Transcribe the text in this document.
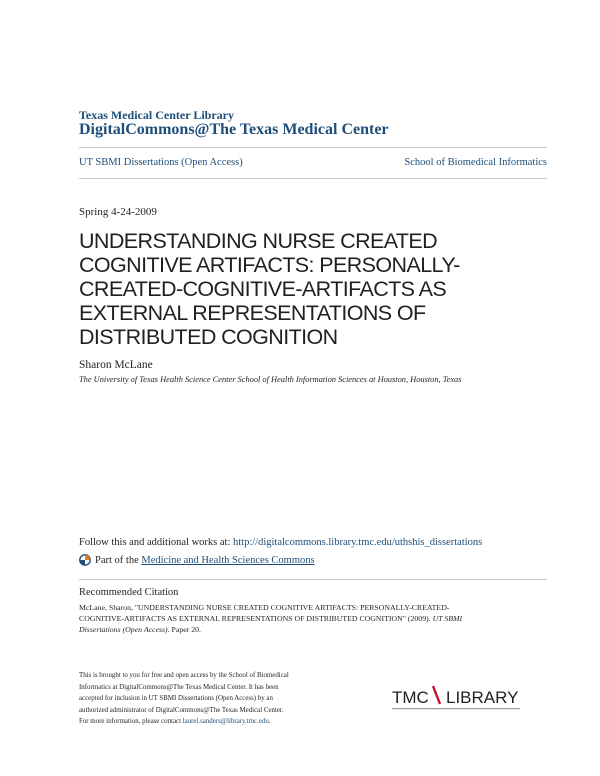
Texas Medical Center Library
DigitalCommons@The Texas Medical Center
UT SBMI Dissertations (Open Access)	School of Biomedical Informatics
Spring 4-24-2009
UNDERSTANDING NURSE CREATED
COGNITIVE ARTIFACTS: PERSONALLY-
CREATED-COGNITIVE-ARTIFACTS AS
EXTERNAL REPRESENTATIONS OF
DISTRIBUTED COGNITION
Sharon McLane
The University of Texas Health Science Center School of Health Information Sciences at Houston, Houston, Texas
Follow this and additional works at: http://digitalcommons.library.tmc.edu/uthshis_dissertations
Part of the Medicine and Health Sciences Commons
Recommended Citation
McLane, Sharon, "UNDERSTANDING NURSE CREATED COGNITIVE ARTIFACTS: PERSONALLY-CREATED-
COGNITIVE-ARTIFACTS AS EXTERNAL REPRESENTATIONS OF DISTRIBUTED COGNITION" (2009). UT SBMI
Dissertations (Open Access). Paper 20.
This is brought to you for free and open access by the School of Biomedical
Informatics at DigitalCommons@The Texas Medical Center. It has been
accepted for inclusion in UT SBMI Dissertations (Open Access) by an
authorized administrator of DigitalCommons@The Texas Medical Center.
For more information, please contact laurel.sanders@library.tmc.edu.
TMC LIBRARY
